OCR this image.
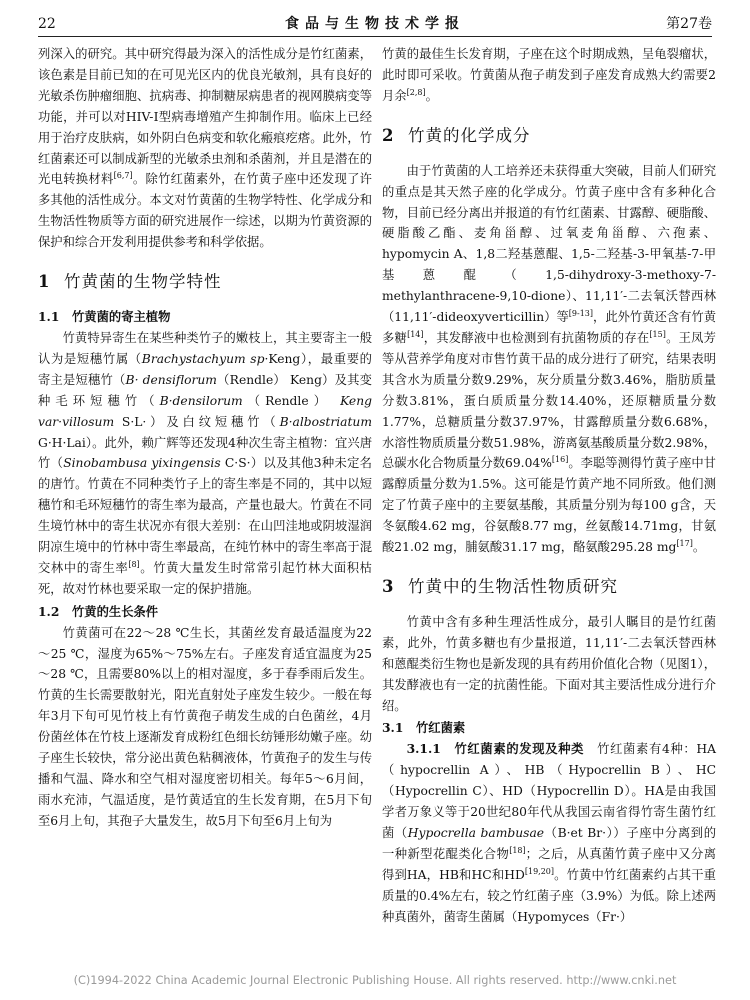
22	食品与生物技术学报	第27卷

列深入的研究。其中研究得最为深入的活性成分是竹红菌素，该色素是目前已知的在可见光区内的优良光敏剂，具有良好的光敏杀伤肿瘤细胞、抗病毒、抑制糖尿病患者的视网膜病变等功能，并可以对HIV-Ⅰ型病毒增殖产生抑制作用。临床上已经用于治疗皮肤病，如外阴白色病变和软化瘢痕疙瘩。此外，竹红菌素还可以制成新型的光敏杀虫剂和杀菌剂，并且是潜在的光电转换材料[6,7]。除竹红菌素外，在竹黄子座中还发现了许多其他的活性成分。本文对竹黄菌的生物学特性、化学成分和生物活性物质等方面的研究进展作一综述，以期为竹黄资源的保护和综合开发利用提供参考和科学依据。

1 竹黄菌的生物学特性
1.1 竹黄菌的寄主植物

竹黄特异寄生在某些种类竹子的嫩枝上，其主要寄主一般认为是短穗竹属（Brachystachyum sp·Keng），最重要的寄主是短穗竹（B· densiflorum（Rendle） Keng）及其变种毛环短穗竹（B·densilorum（Rendle） Keng var·villosum S·L·）及白纹短穗竹（B·albostriatum G·H·Lai）。此外，赖广辉等还发现4种次生寄主植物：宜兴唐竹（Sinobambusa yixingensis C·S·）以及其他3种未定名的唐竹。竹黄在不同种类竹子上的寄生率是不同的，其中以短穗竹和毛环短穗竹的寄生率为最高，产量也最大。竹黄在不同生境竹林中的寄生状况亦有很大差别：在山凹洼地或阴坡湿润阴凉生境中的竹林中寄生率最高，在纯竹林中的寄生率高于混交林中的寄生率[8]。竹黄大量发生时常常引起竹林大面积枯死，故对竹林也要采取一定的保护措施。

1.2 竹黄的生长条件

竹黄菌可在22～28 ℃生长，其菌丝发育最适温度为22～25 ℃，湿度为65%～75%左右。子座发育适宜温度为25～28 ℃，且需要80%以上的相对湿度，多于春季雨后发生。竹黄的生长需要散射光，阳光直射处子座发生较少。一般在每年3月下旬可见竹枝上有竹黄孢子萌发生成的白色菌丝，4月份菌丝体在竹枝上逐渐发育成粉红色细长纺锤形幼嫩子座。幼子座生长较快，常分泌出黄色粘稠液体，竹黄孢子的发生与传播和气温、降水和空气相对湿度密切相关。每年5～6月间，雨水充沛，气温适度，是竹黄适宜的生长发育期，在5月下旬至6月上旬，其孢子大量发生，故5月下旬至6月上旬为

竹黄的最佳生长发育期，子座在这个时期成熟，呈龟裂瘤状，此时即可采收。竹黄菌从孢子萌发到子座发育成熟大约需要2月余[2,8]。

2 竹黄的化学成分

由于竹黄菌的人工培养还未获得重大突破，目前人们研究的重点是其天然子座的化学成分。竹黄子座中含有多种化合物，目前已经分离出并报道的有竹红菌素、甘露醇、硬脂酸、硬脂酸乙酯、麦角甾醇、过氧麦角甾醇、六孢素、hypomycin A、1,8二羟基蒽醌、1,5-二羟基-3-甲氧基-7-甲基蒽醌（1,5-dihydroxy-3-methoxy-7-methylanthracene-9,10-dione）、11,11′-二去氧沃替西林（11,11′-dideoxyverticillin）等[9-13]，此外竹黄还含有竹黄多糖[14]，其发酵液中也检测到有抗菌物质的存在[15]。王凤芳等从营养学角度对市售竹黄干品的成分进行了研究，结果表明其含水为质量分数9.29%，灰分质量分数3.46%，脂肪质量分数3.81%，蛋白质质量分数14.40%，还原糖质量分数1.77%，总糖质量分数37.97%，甘露醇质量分数6.68%，水溶性物质质量分数51.98%，游离氨基酸质量分数2.98%，总碳水化合物质量分数69.04%[16]。李聪等测得竹黄子座中甘露醇质量分数为1.5%。这可能是竹黄产地不同所致。他们测定了竹黄子座中的主要氨基酸，其质量分别为每100 g含，天冬氨酸4.62 mg，谷氨酸8.77 mg，丝氨酸14.71mg，甘氨酸21.02 mg，脯氨酸31.17 mg，酪氨酸295.28 mg[17]。

3 竹黄中的生物活性物质研究

竹黄中含有多种生理活性成分，最引人瞩目的是竹红菌素，此外，竹黄多糖也有少量报道，11,11′-二去氧沃替西林和蒽醌类衍生物也是新发现的具有药用价值化合物（见图1），其发酵液也有一定的抗菌性能。下面对其主要活性成分进行介绍。

3.1 竹红菌素

3.1.1　竹红菌素的发现及种类　竹红菌素有4种：HA（hypocrellin A）、HB（Hypocrellin B）、HC（Hypocrellin C）、HD（Hypocrellin D）。HA是由我国学者万象义等于20世纪80年代从我国云南省得竹寄生菌竹红菌（Hypocrella bambusae（B·et Br·））子座中分离到的一种新型花醌类化合物[18]；之后，从真菌竹黄子座中又分离得到HA，HB和HC和HD[19,20]。竹黄中竹红菌素约占其干重质量的0.4%左右，较之竹红菌子座（3.9%）为低。除上述两种真菌外，菌寄生菌属（Hypomyces（Fr·）

(C)1994-2022 China Academic Journal Electronic Publishing House. All rights reserved. http://www.cnki.net
